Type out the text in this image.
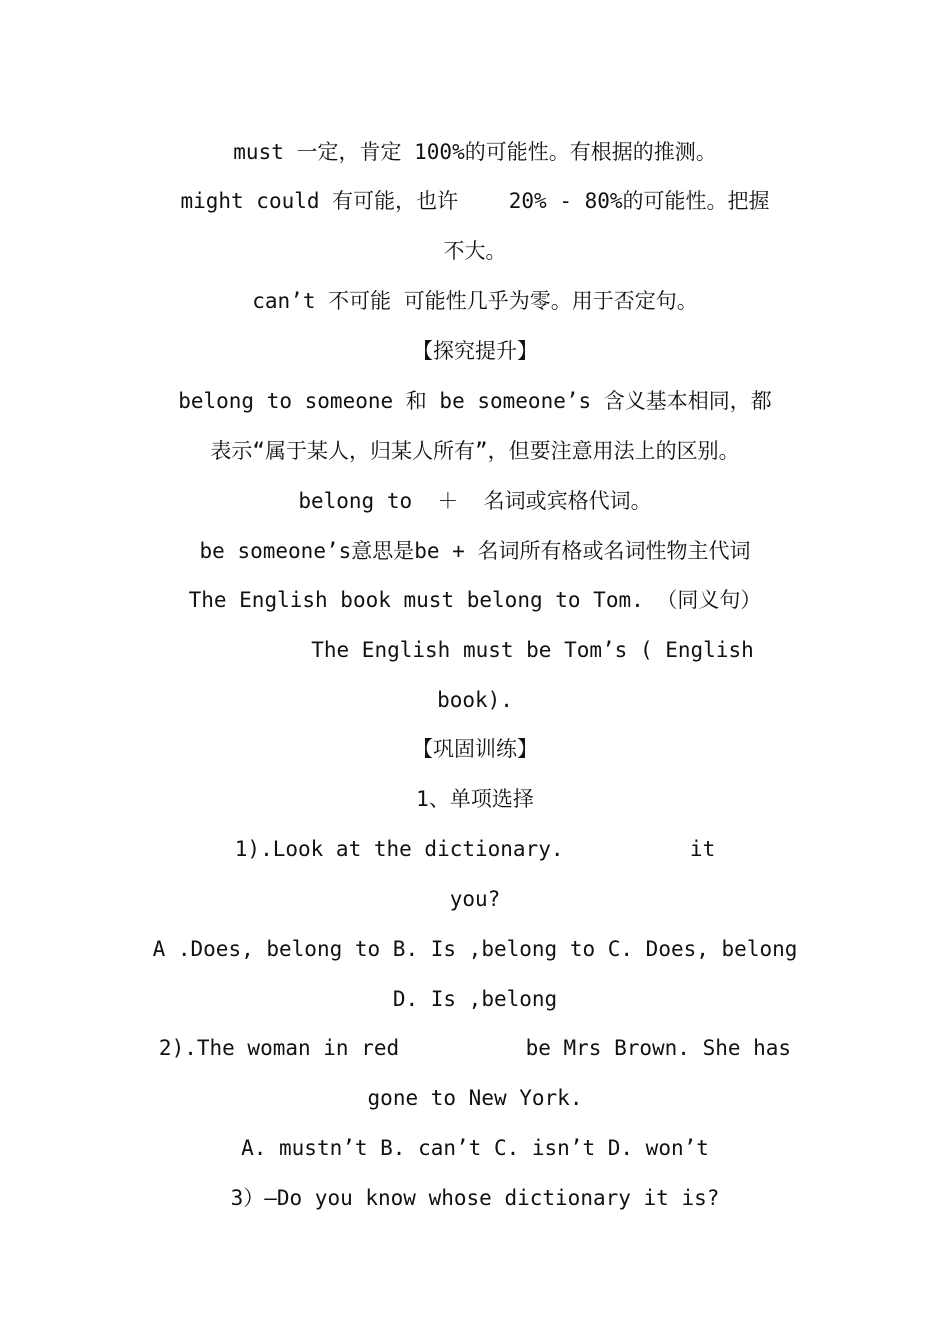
must 一定，肯定 100%的可能性。有根据的推测。
might could 有可能，也许    20% - 80%的可能性。把握
不大。
can’t 不可能 可能性几乎为零。用于否定句。
【探究提升】
belong to someone 和 be someone’s 含义基本相同，都
表示“属于某人，归某人所有”，但要注意用法上的区别。
belong to  ＋  名词或宾格代词。
be someone’s意思是be + 名词所有格或名词性物主代词
The English book must belong to Tom. （同义句）
The English must be Tom’s ( English
book).
【巩固训练】
1、单项选择
1).Look at the dictionary.          it
you?
A .Does, belong to B. Is ,belong to C. Does, belong
D. Is ,belong
2).The woman in red          be Mrs Brown. She has
gone to New York.
A. mustn’t B. can’t C. isn’t D. won’t
3）—Do you know whose dictionary it is?
